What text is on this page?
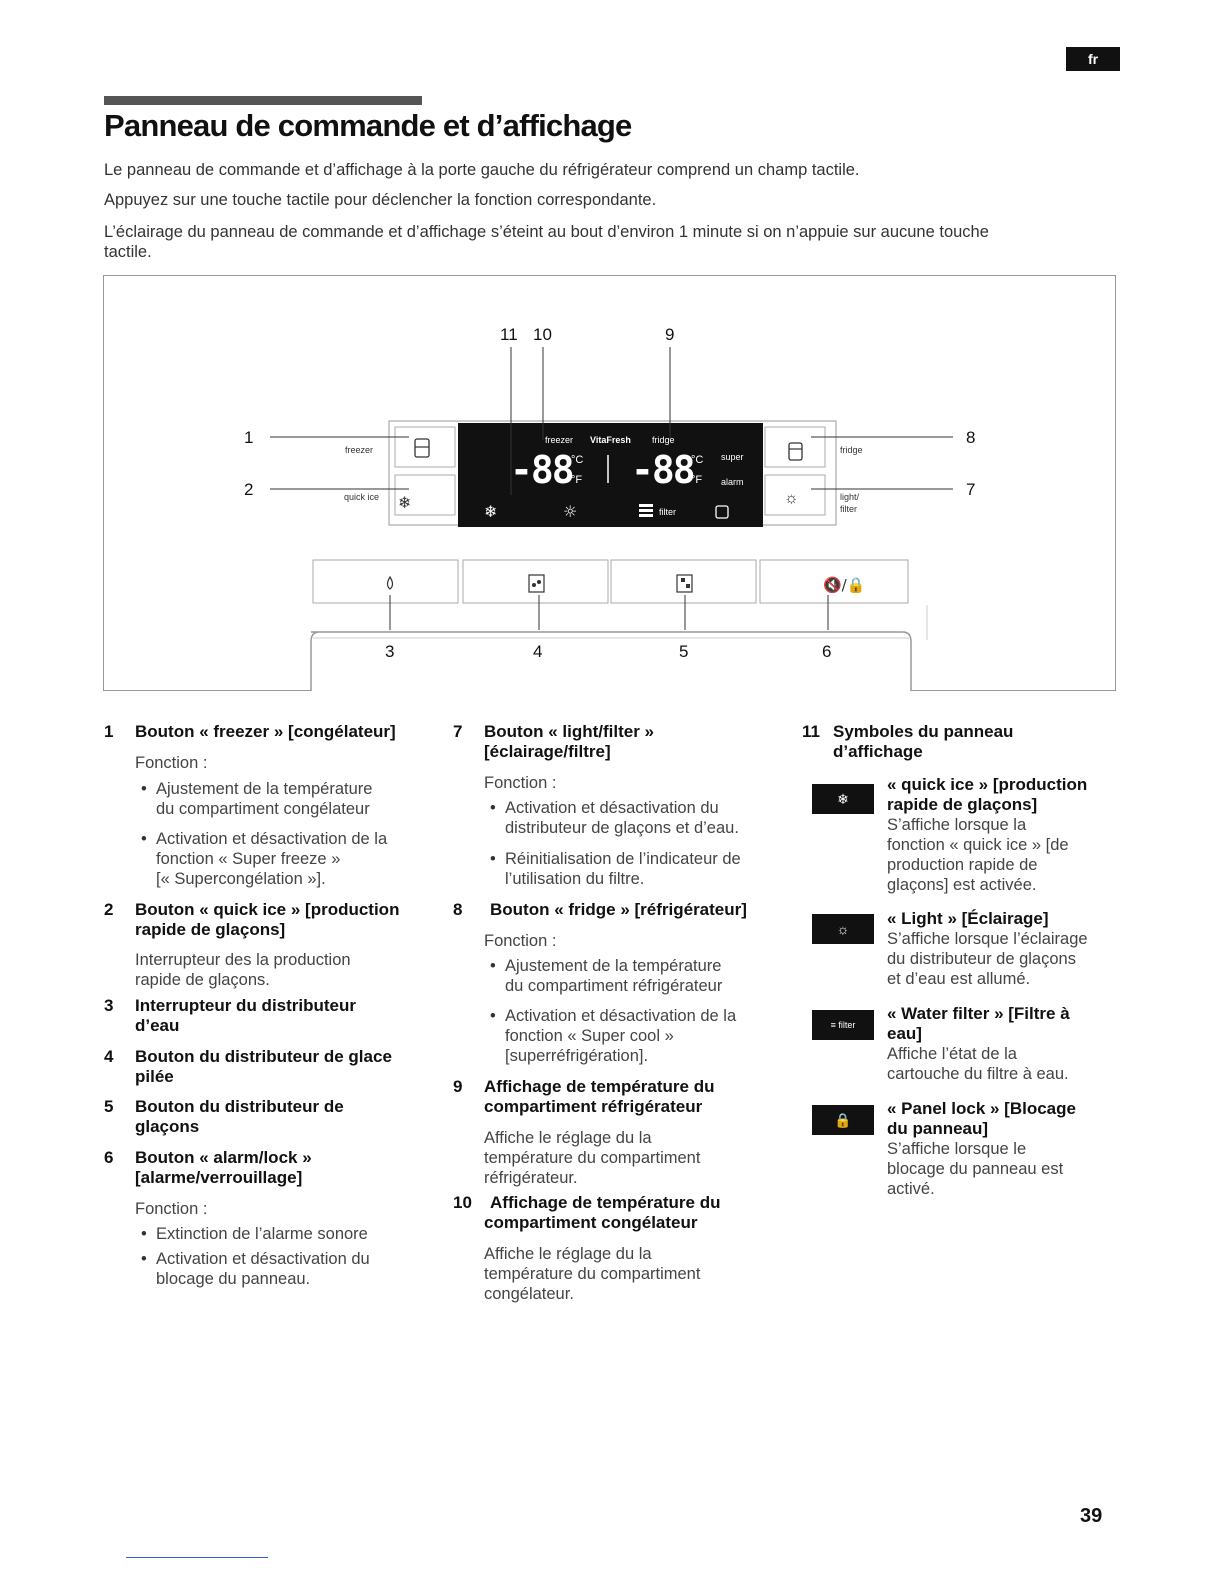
fr
Panneau de commande et d’affichage

Le panneau de commande et d’affichage à la porte gauche du réfrigérateur comprend un champ tactile.

Appuyez sur une touche tactile pour déclencher la fonction correspondante.

L’éclairage du panneau de commande et d’affichage s’éteint au bout d’environ 1 minute si on n’appuie sur aucune touche

tactile.

🔇/🔒
❄	☼
11 10	9
1
2
8
7
3	4	5	6
freezer
quick ice ❄
fridge
light/
filter
☼
freezer VitaFresh fridge
-88 -88
°C
°F
°C
°F
super
alarm
filter
1 Bouton « freezer » [congélateur]
Fonction :
• Ajustement de la température
du compartiment congélateur
• Activation et désactivation de la
fonction « Super freeze »
[« Supercongélation »].
2 Bouton « quick ice » [production
rapide de glaçons]
Interrupteur des la production
rapide de glaçons.
3 Interrupteur du distributeur
d’eau
4 Bouton du distributeur de glace
pilée
5 Bouton du distributeur de
glaçons
6 Bouton « alarm/lock »
[alarme/verrouillage]
Fonction :
• Extinction de l’alarme sonore
• Activation et désactivation du
blocage du panneau.
7 Bouton « light/filter »
[éclairage/filtre]
Fonction :
• Activation et désactivation du
distributeur de glaçons et d’eau.
• Réinitialisation de l’indicateur de
l’utilisation du filtre.
8 Bouton « fridge » [réfrigérateur]
Fonction :
• Ajustement de la température
du compartiment réfrigérateur
• Activation et désactivation de la
fonction « Super cool »
[superréfrigération].
9 Affichage de température du
compartiment réfrigérateur
Affiche le réglage du la
température du compartiment
réfrigérateur.
10 Affichage de température du
compartiment congélateur
Affiche le réglage du la
température du compartiment
congélateur.
11 Symboles du panneau
d’affichage
❄
« quick ice » [production
rapide de glaçons]
S’affiche lorsque la
fonction « quick ice » [de
production rapide de
glaçons] est activée.
☼
« Light » [Éclairage]
S’affiche lorsque l’éclairage
du distributeur de glaçons
et d’eau est allumé.
≡ filter
« Water filter » [Filtre à
eau]
Affiche l’état de la
cartouche du filtre à eau.
🔒
« Panel lock » [Blocage
du panneau]
S’affiche lorsque le
blocage du panneau est
activé.
39
